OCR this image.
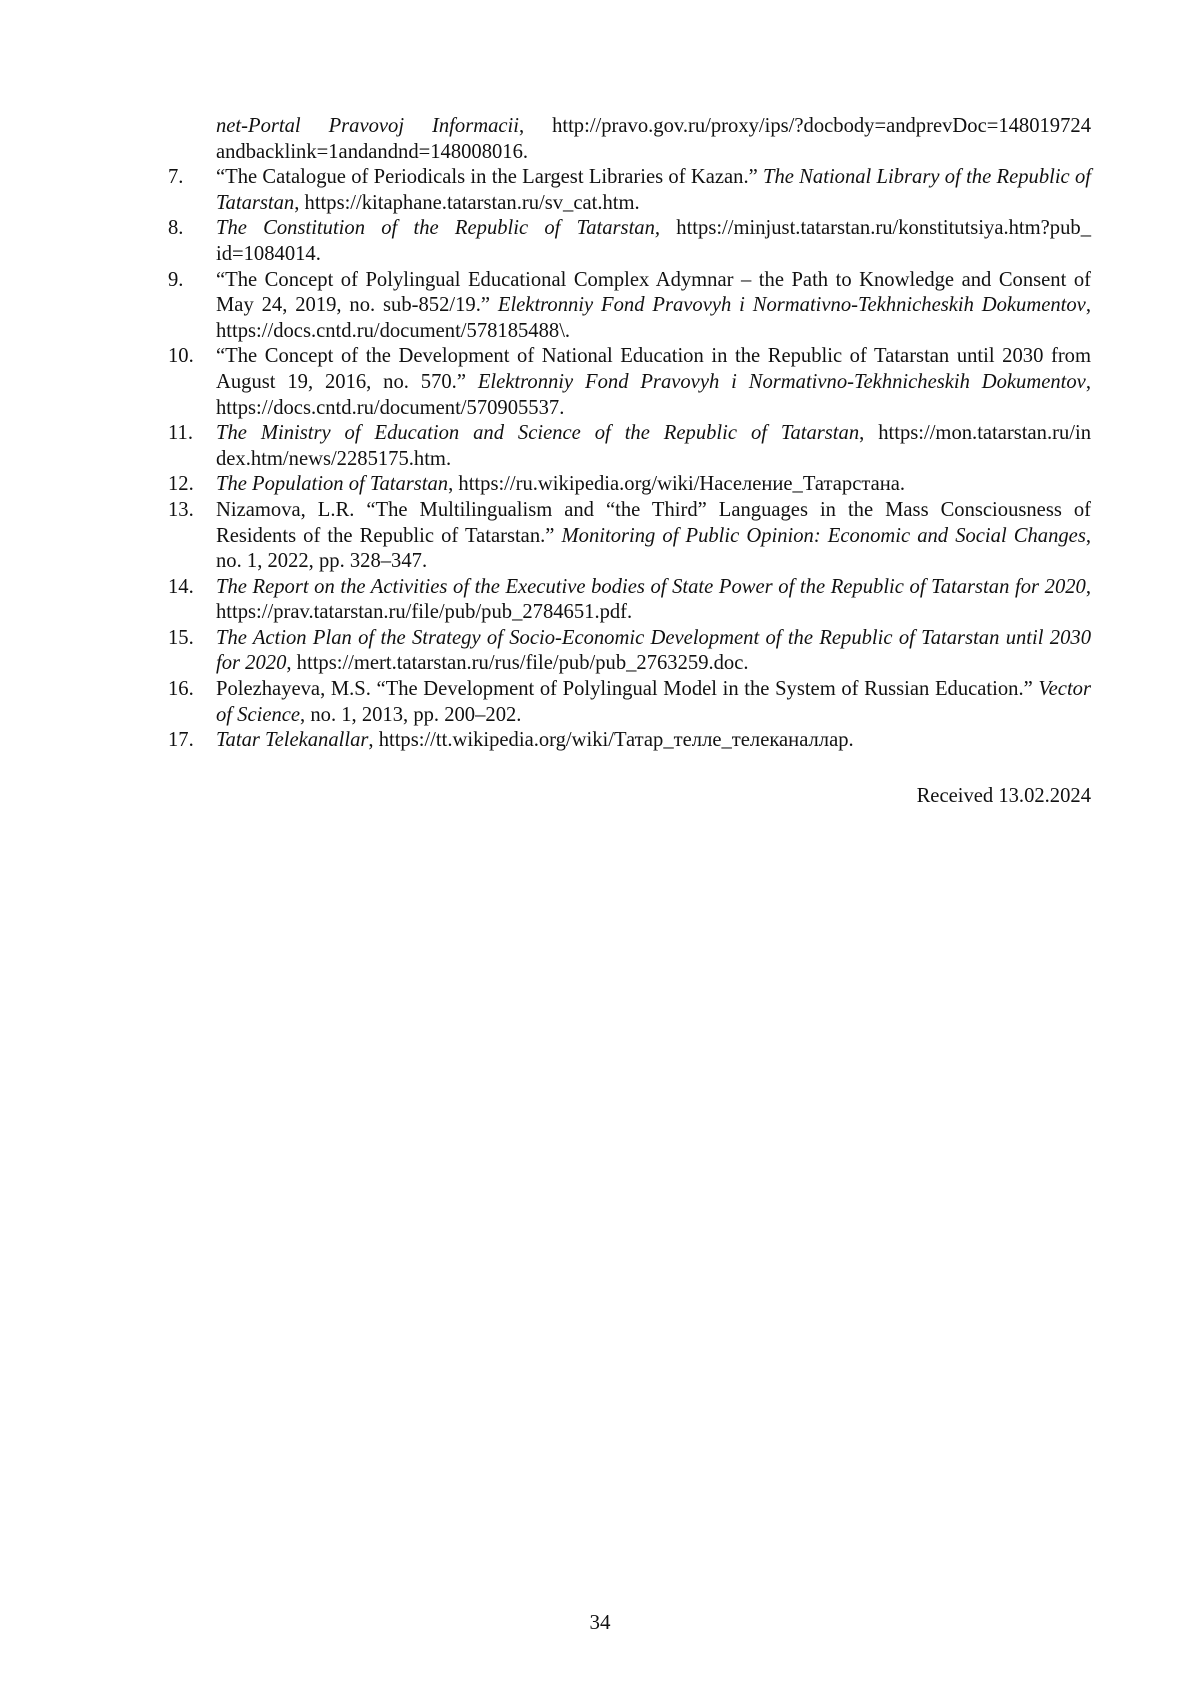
net-Portal Pravovoj Informacii, http://pravo.gov.ru/proxy/ips/?docbody=andprevDoc=148019724 andbacklink=1andandnd=148008016.
7. “The Catalogue of Periodicals in the Largest Libraries of Kazan.” The National Library of the Republic of Tatarstan, https://kitaphane.tatarstan.ru/sv_cat.htm.
8. The Constitution of the Republic of Tatarstan, https://minjust.tatarstan.ru/konstitutsiya.htm?pub_ id=1084014.
9. “The Concept of Polylingual Educational Complex Adymnar – the Path to Knowledge and Consent of May 24, 2019, no. sub-852/19.” Elektronniy Fond Pravovyh i Normativno-Tekhnicheskih Dokumentov, https://docs.cntd.ru/document/578185488\.
10. “The Concept of the Development of National Education in the Republic of Tatarstan until 2030 from August 19, 2016, no. 570.” Elektronniy Fond Pravovyh i Normativno-Tekhnicheskih Dokumentov, https://docs.cntd.ru/document/570905537.
11. The Ministry of Education and Science of the Republic of Tatarstan, https://mon.tatarstan.ru/in dex.htm/news/2285175.htm.
12. The Population of Tatarstan, https://ru.wikipedia.org/wiki/Население_Татарстана.
13. Nizamova, L.R. “The Multilingualism and “the Third” Languages in the Mass Consciousness of Residents of the Republic of Tatarstan.” Monitoring of Public Opinion: Economic and Social Changes, no. 1, 2022, pp. 328–347.
14. The Report on the Activities of the Executive bodies of State Power of the Republic of Tatarstan for 2020, https://prav.tatarstan.ru/file/pub/pub_2784651.pdf.
15. The Action Plan of the Strategy of Socio-Economic Development of the Republic of Tatarstan until 2030 for 2020, https://mert.tatarstan.ru/rus/file/pub/pub_2763259.doc.
16. Polezhayeva, M.S. “The Development of Polylingual Model in the System of Russian Education.” Vector of Science, no. 1, 2013, pp. 200–202.
17. Tatar Telekanallar, https://tt.wikipedia.org/wiki/Татар_телле_телеканаллар.
Received 13.02.2024
34
